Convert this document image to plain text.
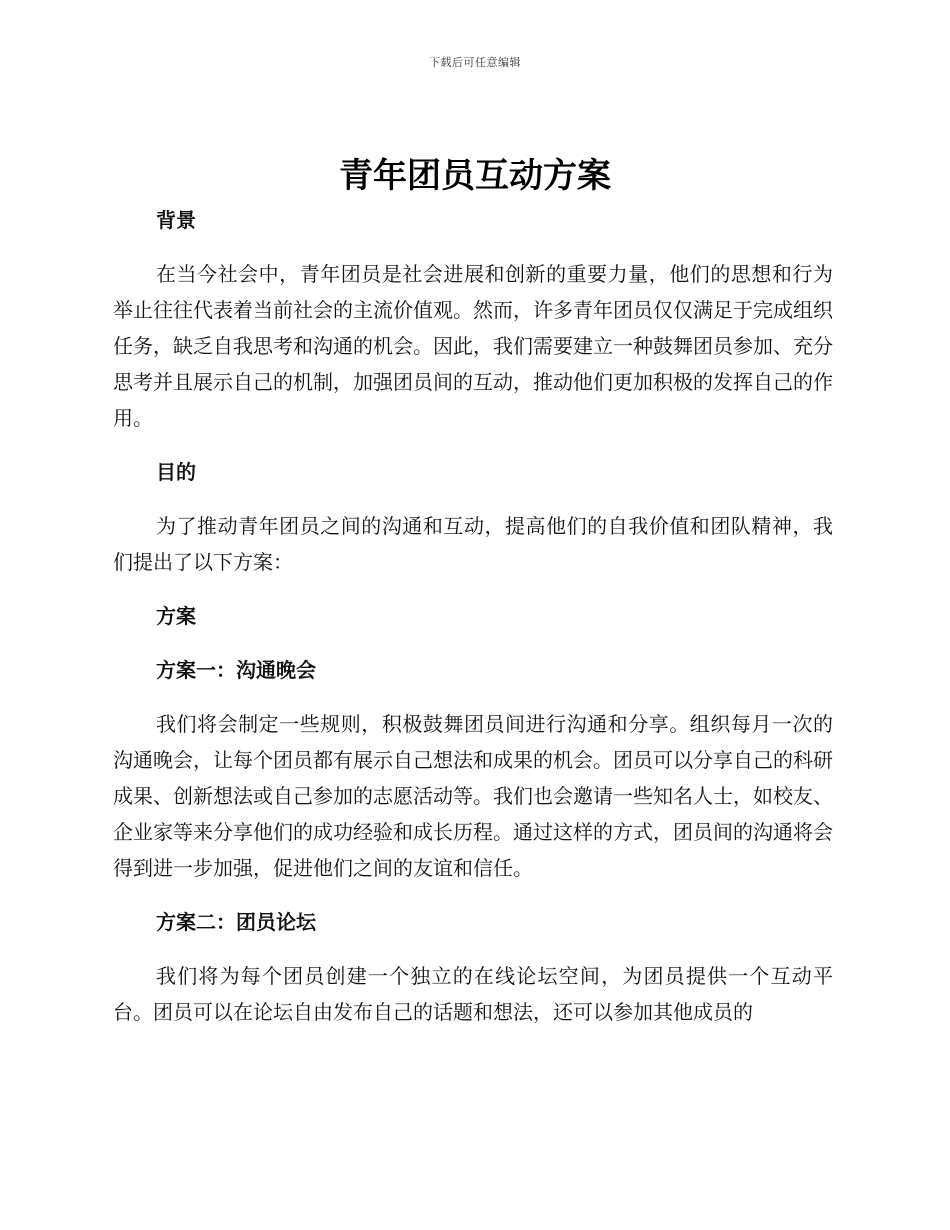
下载后可任意编辑
青年团员互动方案

背景

在当今社会中，青年团员是社会进展和创新的重要力量，他们的思想和行为举止往往代表着当前社会的主流价值观。然而，许多青年团员仅仅满足于完成组织任务，缺乏自我思考和沟通的机会。因此，我们需要建立一种鼓舞团员参加、充分思考并且展示自己的机制，加强团员间的互动，推动他们更加积极的发挥自己的作用。

目的

为了推动青年团员之间的沟通和互动，提高他们的自我价值和团队精神，我们提出了以下方案：

方案

方案一：沟通晚会

我们将会制定一些规则，积极鼓舞团员间进行沟通和分享。组织每月一次的沟通晚会，让每个团员都有展示自己想法和成果的机会。团员可以分享自己的科研成果、创新想法或自己参加的志愿活动等。我们也会邀请一些知名人士，如校友、企业家等来分享他们的成功经验和成长历程。通过这样的方式，团员间的沟通将会得到进一步加强，促进他们之间的友谊和信任。

方案二：团员论坛

我们将为每个团员创建一个独立的在线论坛空间，为团员提供一个互动平台。团员可以在论坛自由发布自己的话题和想法，还可以参加其他成员的
